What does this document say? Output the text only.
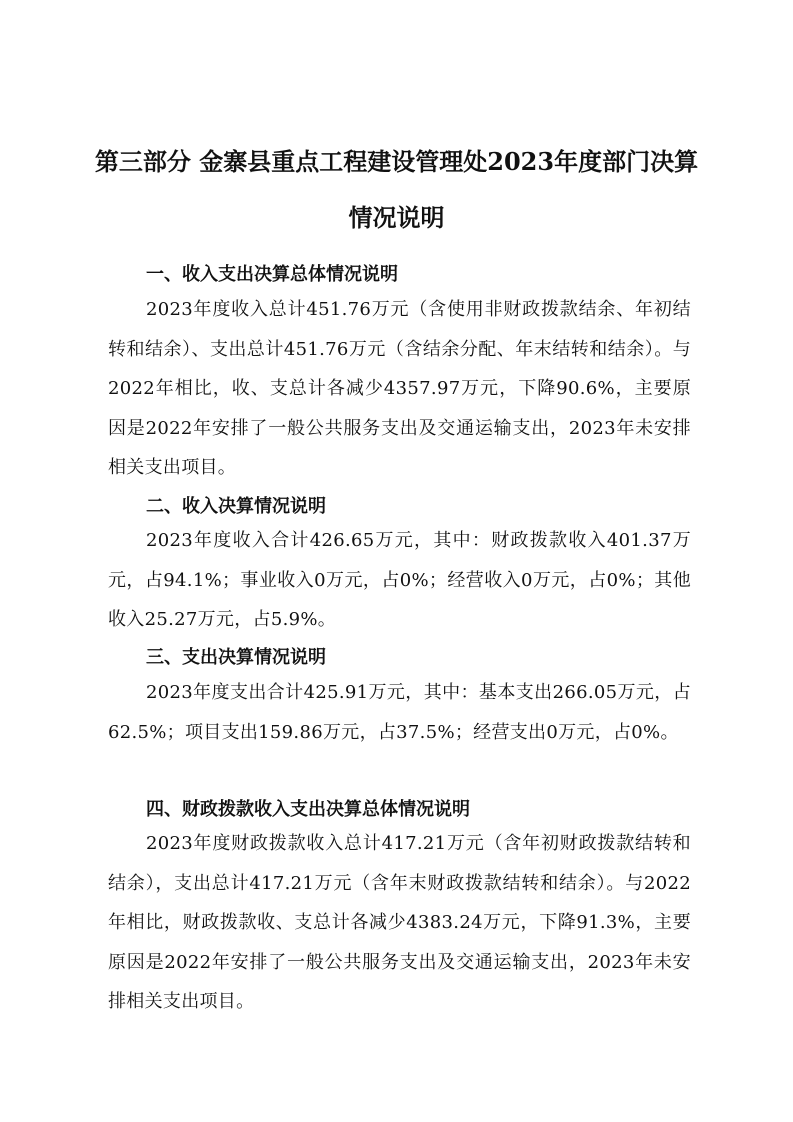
第三部分 金寨县重点工程建设管理处2023年度部门决算
情况说明
一、收入支出决算总体情况说明

2023年度收入总计451.76万元（含使用非财政拨款结余、年初结转和结余）、支出总计451.76万元（含结余分配、年末结转和结余）。与2022年相比，收、支总计各减少4357.97万元，下降90.6%，主要原因是2022年安排了一般公共服务支出及交通运输支出，2023年未安排相关支出项目。

二、收入决算情况说明

2023年度收入合计426.65万元，其中：财政拨款收入401.37万元，占94.1%；事业收入0万元，占0%；经营收入0万元，占0%；其他收入25.27万元，占5.9%。

三、支出决算情况说明

2023年度支出合计425.91万元，其中：基本支出266.05万元，占62.5%；项目支出159.86万元，占37.5%；经营支出0万元，占0%。

四、财政拨款收入支出决算总体情况说明

2023年度财政拨款收入总计417.21万元（含年初财政拨款结转和结余），支出总计417.21万元（含年末财政拨款结转和结余）。与2022年相比，财政拨款收、支总计各减少4383.24万元，下降91.3%，主要原因是2022年安排了一般公共服务支出及交通运输支出，2023年未安排相关支出项目。
